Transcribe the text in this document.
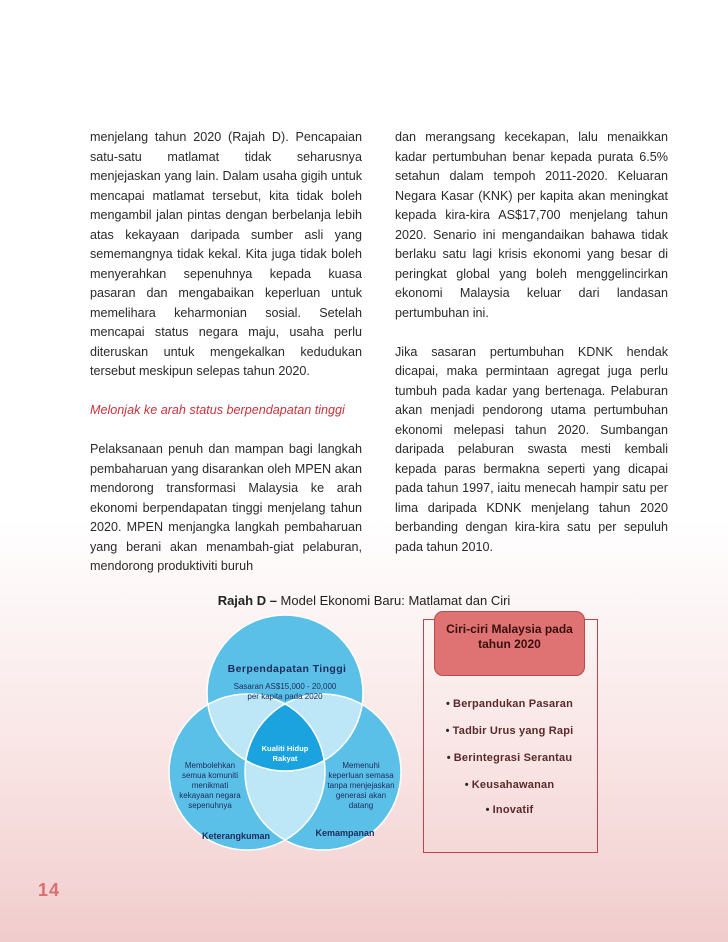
menjelang tahun 2020 (Rajah D). Pencapaian satu-satu matlamat tidak seharusnya menjejaskan yang lain. Dalam usaha gigih untuk mencapai matlamat tersebut, kita tidak boleh mengambil jalan pintas dengan berbelanja lebih atas kekayaan daripada sumber asli yang sememangnya tidak kekal. Kita juga tidak boleh menyerahkan sepenuhnya kepada kuasa pasaran dan mengabaikan keperluan untuk memelihara keharmonian sosial. Setelah mencapai status negara maju, usaha perlu diteruskan untuk mengekalkan kedudukan tersebut meskipun selepas tahun 2020.

Melonjak ke arah status berpendapatan tinggi

Pelaksanaan penuh dan mampan bagi langkah pembaharuan yang disarankan oleh MPEN akan mendorong transformasi Malaysia ke arah ekonomi berpendapatan tinggi menjelang tahun 2020. MPEN menjangka langkah pembaharuan yang berani akan menambah-giat pelaburan, mendorong produktiviti buruh

dan merangsang kecekapan, lalu menaikkan kadar pertumbuhan benar kepada purata 6.5% setahun dalam tempoh 2011-2020. Keluaran Negara Kasar (KNK) per kapita akan meningkat kepada kira-kira AS$17,700 menjelang tahun 2020. Senario ini mengandaikan bahawa tidak berlaku satu lagi krisis ekonomi yang besar di peringkat global yang boleh menggelincirkan ekonomi Malaysia keluar dari landasan pertumbuhan ini.

Jika sasaran pertumbuhan KDNK hendak dicapai, maka permintaan agregat juga perlu tumbuh pada kadar yang bertenaga. Pelaburan akan menjadi pendorong utama pertumbuhan ekonomi melepasi tahun 2020. Sumbangan daripada pelaburan swasta mesti kembali kepada paras bermakna seperti yang dicapai pada tahun 1997, iaitu menecah hampir satu per lima daripada KDNK menjelang tahun 2020 berbanding dengan kira-kira satu per sepuluh pada tahun 2010.

Rajah D – Model Ekonomi Baru: Matlamat dan Ciri
Berpendapatan Tinggi
Sasaran AS$15,000 - 20,000
per kapita pada 2020
Kualiti Hidup
Rakyat
Membolehkan
semua komuniti
menikmati
kekayaan negara
sepenuhnya
Memenuhi
keperluan semasa
tanpa menjejaskan
generasi akan
datang
Keterangkuman	Kemampanan
Ciri-ciri Malaysia pada tahun 2020
• Berpandukan Pasaran
• Tadbir Urus yang Rapi
• Berintegrasi Serantau
• Keusahawanan
• Inovatif
14
